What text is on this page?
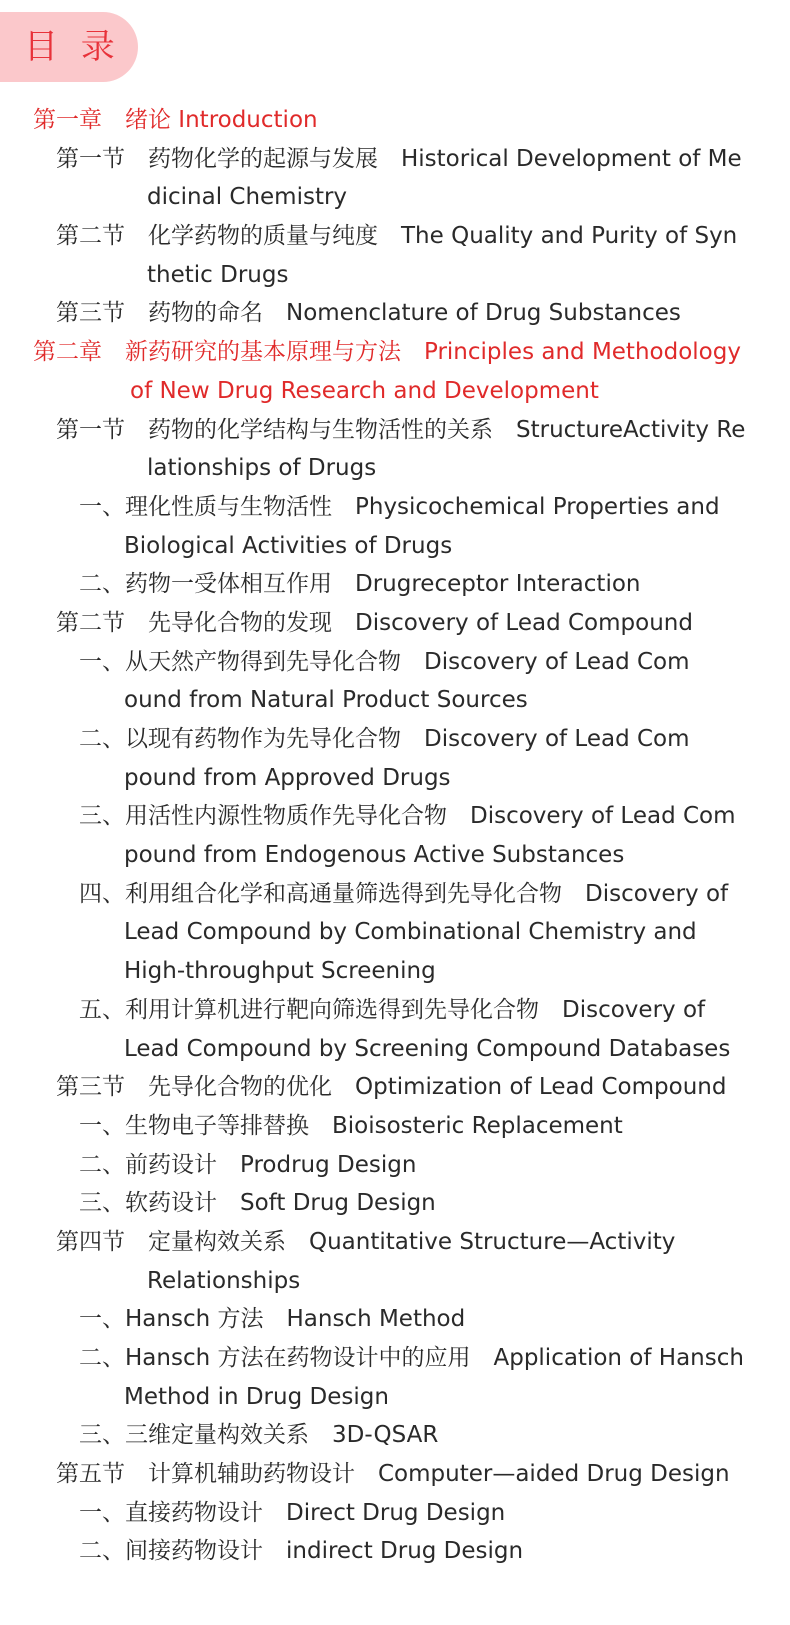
目 录
第一章　绪论 Introduction
第一节　药物化学的起源与发展　Historical Development of Me
dicinal Chemistry
第二节　化学药物的质量与纯度　The Quality and Purity of Syn
thetic Drugs
第三节　药物的命名　Nomenclature of Drug Substances
第二章　新药研究的基本原理与方法　Principles and Methodology
of New Drug Research and Development
第一节　药物的化学结构与生物活性的关系　StructureActivity Re
lationships of Drugs
一、理化性质与生物活性　Physicochemical Properties and
Biological Activities of Drugs
二、药物一受体相互作用　Drugreceptor Interaction
第二节　先导化合物的发现　Discovery of Lead Compound
一、从天然产物得到先导化合物　Discovery of Lead Com
ound from Natural Product Sources
二、以现有药物作为先导化合物　Discovery of Lead Com
pound from Approved Drugs
三、用活性内源性物质作先导化合物　Discovery of Lead Com
pound from Endogenous Active Substances
四、利用组合化学和高通量筛选得到先导化合物　Discovery of
Lead Compound by Combinational Chemistry and
High-throughput Screening
五、利用计算机进行靶向筛选得到先导化合物　Discovery of
Lead Compound by Screening Compound Databases
第三节　先导化合物的优化　Optimization of Lead Compound
一、生物电子等排替换　Bioisosteric Replacement
二、前药设计　Prodrug Design
三、软药设计　Soft Drug Design
第四节　定量构效关系　Quantitative Structure—Activity
Relationships
一、Hansch 方法　Hansch Method
二、Hansch 方法在药物设计中的应用　Application of Hansch
Method in Drug Design
三、三维定量构效关系　3D-QSAR
第五节　计算机辅助药物设计　Computer—aided Drug Design
一、直接药物设计　Direct Drug Design
二、间接药物设计　indirect Drug Design
